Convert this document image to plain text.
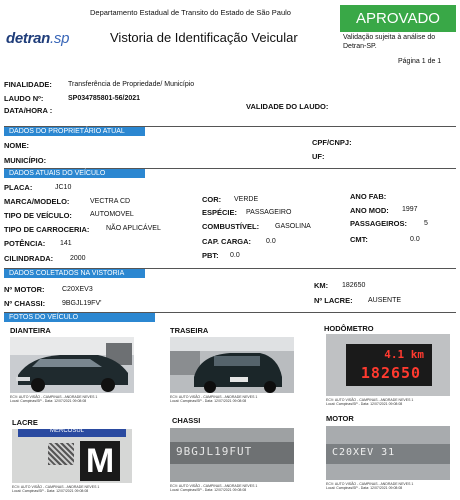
Departamento Estadual de Transito do Estado de São Paulo
detran.sp	Vistoria de Identificação Veicular
APROVADO
Validação sujeita à análise do Detran-SP.
Página 1 de 1
FINALIDADE: Transferência de Propriedade/ Município
LAUDO Nº:	SP034785801-56/2021
DATA/HORA :	VALIDADE DO LAUDO:
DADOS DO PROPRIETÁRIO ATUAL
NOME:	CPF/CNPJ:
MUNICÍPIO:	UF:
DADOS ATUAIS DO VEÍCULO
PLACA:	JC10
MARCA/MODELO:	VECTRA CD
TIPO DE VEÍCULO:	AUTOMOVEL
TIPO DE CARROCERIA: NÃO APLICÁVEL
POTÊNCIA: 141
CILINDRADA: 2000
COR: VERDE
ESPÉCIE: PASSAGEIRO
COMBUSTÍVEL: GASOLINA
CAP. CARGA: 0.0
PBT: 0.0
ANO FAB:
ANO MOD: 1997
PASSAGEIROS: 5
CMT:	0.0
DADOS COLETADOS NA VISTORIA
Nº MOTOR: C20XEV3
Nº CHASSI: 9BGJL19FV'
KM: 182650
Nº LACRE: AUSENTE
FOTOS DO VEÍCULO
DIANTEIRA	TRASEIRA	HODÔMETRO
ECV: AUTO VISÃO - CAMPINAS - ANDRADE NEVES 1
Local: Campinas/SP - Data: 12/07/2021 09:08:08
ECV: AUTO VISÃO - CAMPINAS - ANDRADE NEVES 1
Local: Campinas/SP - Data: 12/07/2021 09:08:08
4.1 km
182650
ECV: AUTO VISÃO - CAMPINAS - ANDRADE NEVES 1
Local: Campinas/SP - Data: 12/07/2021 09:08:08
LACRE	CHASSI	MOTOR
MERCOSUL
M
ECV: AUTO VISÃO - CAMPINAS - ANDRADE NEVES 1
Local: Campinas/SP - Data: 12/07/2021 09:08:08
9BGJL19FUT
ECV: AUTO VISÃO - CAMPINAS - ANDRADE NEVES 1
Local: Campinas/SP - Data: 12/07/2021 09:08:08
C20XEV 31
ECV: AUTO VISÃO - CAMPINAS - ANDRADE NEVES 1
Local: Campinas/SP - Data: 12/07/2021 09:08:08
